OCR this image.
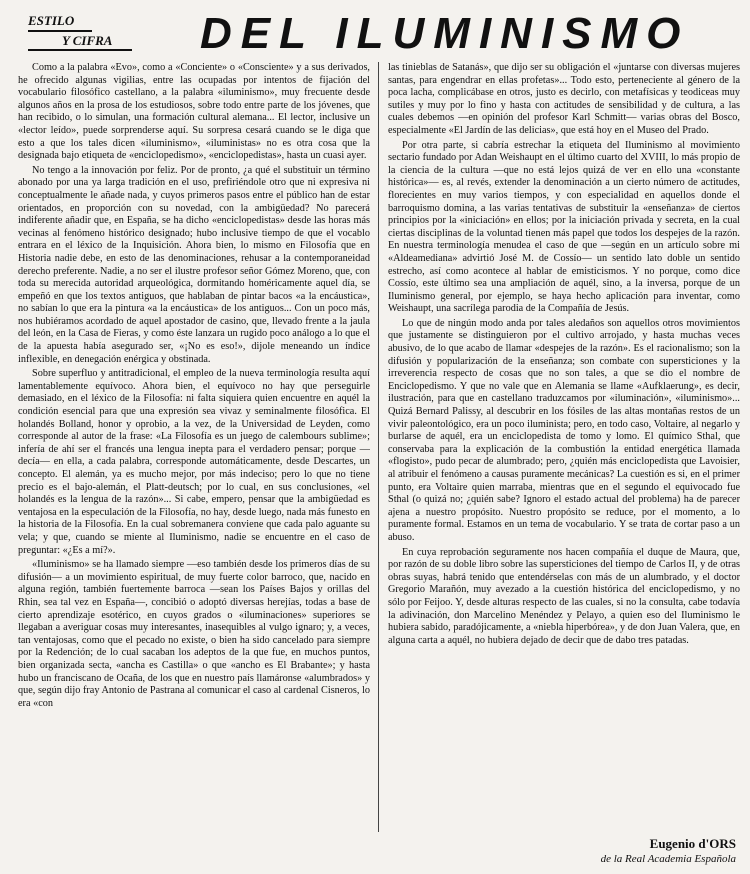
ESTILO
Y CIFRA	DEL ILUMINISMO

Como a la palabra «Evo», como a «Conciente» o «Consciente» y a sus derivados, he ofrecido algunas vigilias, entre las ocupadas por intentos de fijación del vocabulario filosófico castellano, a la palabra «iluminismo», muy frecuente desde algunos años en la prosa de los estudiosos, sobre todo entre parte de los jóvenes, que han recibido, o lo simulan, una formación cultural alemana... El lector, inclusive un «lector leído», puede sorprenderse aquí. Su sorpresa cesará cuando se le diga que esto a que los tales dicen «iluminismo», «iluministas» no es otra cosa que la designada bajo etiqueta de «enciclopedismo», «enciclopedistas», hasta un cuasi ayer.

No tengo a la innovación por feliz. Por de pronto, ¿a qué el substituir un término abonado por una ya larga tradición en el uso, prefiriéndole otro que ni expresiva ni conceptualmente le añade nada, y cuyos primeros pasos entre el público han de estar orientados, en proporción con su novedad, con la ambigüedad? No parecerá indiferente añadir que, en España, se ha dicho «enciclopedistas» desde las horas más vecinas al fenómeno histórico designado; hubo inclusive tiempo de que el vocablo entrara en el léxico de la Inquisición. Ahora bien, lo mismo en Filosofía que en Historia nadie debe, en esto de las denominaciones, rehusar a la contemporaneidad derecho preferente. Nadie, a no ser el ilustre profesor señor Gómez Moreno, que, con toda su merecida autoridad arqueológica, dormitando homéricamente aquel día, se empeñó en que los textos antiguos, que hablaban de pintar bacos «a la encáustica», no sabían lo que era la pintura «a la encáustica» de los antiguos... Con un poco más, nos hubiéramos acordado de aquel apostador de casino, que, llevado frente a la jaula del león, en la Casa de Fieras, y como éste lanzara un rugido poco análogo a lo que el de la apuesta había asegurado ser, «¡No es eso!», dijole meneando un índice inflexible, en denegación enérgica y obstinada.

Sobre superfluo y antitradicional, el empleo de la nueva terminología resulta aquí lamentablemente equívoco. Ahora bien, el equívoco no hay que perseguirle demasiado, en el léxico de la Filosofía: ni falta siquiera quien encuentre en aquél la condición esencial para que una expresión sea vivaz y seminalmente filosófica. El holandés Bolland, honor y oprobio, a la vez, de la Universidad de Leyden, como corresponde al autor de la frase: «La Filosofía es un juego de calembours sublime»; infería de ahí ser el francés una lengua inepta para el verdadero pensar; porque —decía— en ella, a cada palabra, corresponde automáticamente, desde Descartes, un concepto. El alemán, ya es mucho mejor, por más indeciso; pero lo que no tiene precio es el bajo-alemán, el Platt-deutsch; por lo cual, en sus conclusiones, «el holandés es la lengua de la razón»... Si cabe, empero, pensar que la ambigüedad es ventajosa en la especulación de la Filosofía, no hay, desde luego, nada más funesto en la historia de la Filosofía. En la cual sobremanera conviene que cada palo aguante su vela; y que, cuando se miente al Iluminismo, nadie se encuentre en el caso de preguntar: «¿Es a mí?».

«Iluminismo» se ha llamado siempre —eso también desde los primeros días de su difusión— a un movimiento espiritual, de muy fuerte color barroco, que, nacido en alguna región, también fuertemente barroca —sean los Países Bajos y orillas del Rhin, sea tal vez en España—, concibió o adoptó diversas herejías, todas a base de cierto aprendizaje esotérico, en cuyos grados o «iluminaciones» superiores se llegaban a averiguar cosas muy interesantes, inasequibles al vulgo ignaro; y, a veces, tan ventajosas, como que el pecado no existe, o bien ha sido cancelado para siempre por la Redención; de lo cual sacaban los adeptos de la que fue, en muchos puntos, bien organizada secta, «ancha es Castilla» o que «ancho es El Brabante»; y hasta hubo un franciscano de Ocaña, de los que en nuestro país llamáronse «alumbrados» y que, según dijo fray Antonio de Pastrana al comunicar el caso al cardenal Cisneros, lo era «con

las tinieblas de Satanás», que dijo ser su obligación el «juntarse con diversas mujeres santas, para engendrar en ellas profetas»... Todo esto, perteneciente al género de la poca lacha, complicábase en otros, justo es decirlo, con metafísicas y teodiceas muy sutiles y muy por lo fino y hasta con actitudes de sensibilidad y de cultura, a las cuales debemos —en opinión del profesor Karl Schmitt— varias obras del Bosco, especialmente «El Jardín de las delicias», que está hoy en el Museo del Prado.

Por otra parte, si cabría estrechar la etiqueta del Iluminismo al movimiento sectario fundado por Adan Weishaupt en el último cuarto del XVIII, lo más propio de la ciencia de la cultura —que no está lejos quizá de ver en ello una «constante histórica»— es, al revés, extender la denominación a un cierto número de actitudes, florecientes en muy varios tiempos, y con especialidad en aquellos donde el barroquismo domina, a las varias tentativas de substituir la «enseñanza» de ciertos principios por la «iniciación» en ellos; por la iniciación privada y secreta, en la cual ciertas disciplinas de la voluntad tienen más papel que todos los despejes de la razón. En nuestra terminología menudea el caso de que —según en un artículo sobre mi «Aldeamediana» advirtió José M. de Cossío— un sentido lato doble un sentido estrecho, así como acontece al hablar de emisticismos. Y no porque, como dice Cossío, este último sea una ampliación de aquél, sino, a la inversa, porque de un Iluminismo general, por ejemplo, se haya hecho aplicación para inventar, como Weishaupt, una sacrílega parodia de la Compañía de Jesús.

Lo que de ningún modo anda por tales aledaños son aquellos otros movimientos que justamente se distinguieron por el cultivo arrojado, y hasta muchas veces abusivo, de lo que acabo de llamar «despejes de la razón». Es el racionalismo; son la difusión y popularización de la enseñanza; son combate con supersticiones y la irreverencia respecto de cosas que no son tales, a que se dio el nombre de Enciclopedismo. Y que no vale que en Alemania se llame «Aufklaerung», es decir, ilustración, para que en castellano traduzcamos por «iluminación», «iluminismo»... Quizá Bernard Palissy, al descubrir en los fósiles de las altas montañas restos de un vivir paleontológico, era un poco iluminista; pero, en todo caso, Voltaire, al negarlo y burlarse de aquél, era un enciclopedista de tomo y lomo. El químico Sthal, que conservaba para la explicación de la combustión la entidad energética llamada «flogisto», pudo pecar de alumbrado; pero, ¿quién más enciclopedista que Lavoisier, al atribuir el fenómeno a causas puramente mecánicas? La cuestión es si, en el primer punto, era Voltaire quien marraba, mientras que en el segundo el equivocado fue Sthal (o quizá no; ¿quién sabe? Ignoro el estado actual del problema) ha de parecer ajena a nuestro propósito. Nuestro propósito se reduce, por el momento, a lo puramente formal. Estamos en un tema de vocabulario. Y se trata de cortar paso a un abuso.

En cuya reprobación seguramente nos hacen compañía el duque de Maura, que, por razón de su doble libro sobre las supersticiones del tiempo de Carlos II, y de otras obras suyas, habrá tenido que entendérselas con más de un alumbrado, y el doctor Gregorio Marañón, muy avezado a la cuestión histórica del enciclopedismo, y no sólo por Feijoo. Y, desde alturas respecto de las cuales, si no la consulta, cabe todavía la adivinación, don Marcelino Menéndez y Pelayo, a quien eso del Iluminismo le hubiera sabido, paradójicamente, a «niebla hiperbórea», y de don Juan Valera, que, en alguna carta a aquél, no hubiera dejado de decir que de dabo tres patadas.

Eugenio d'ORS
de la Real Academia Española
